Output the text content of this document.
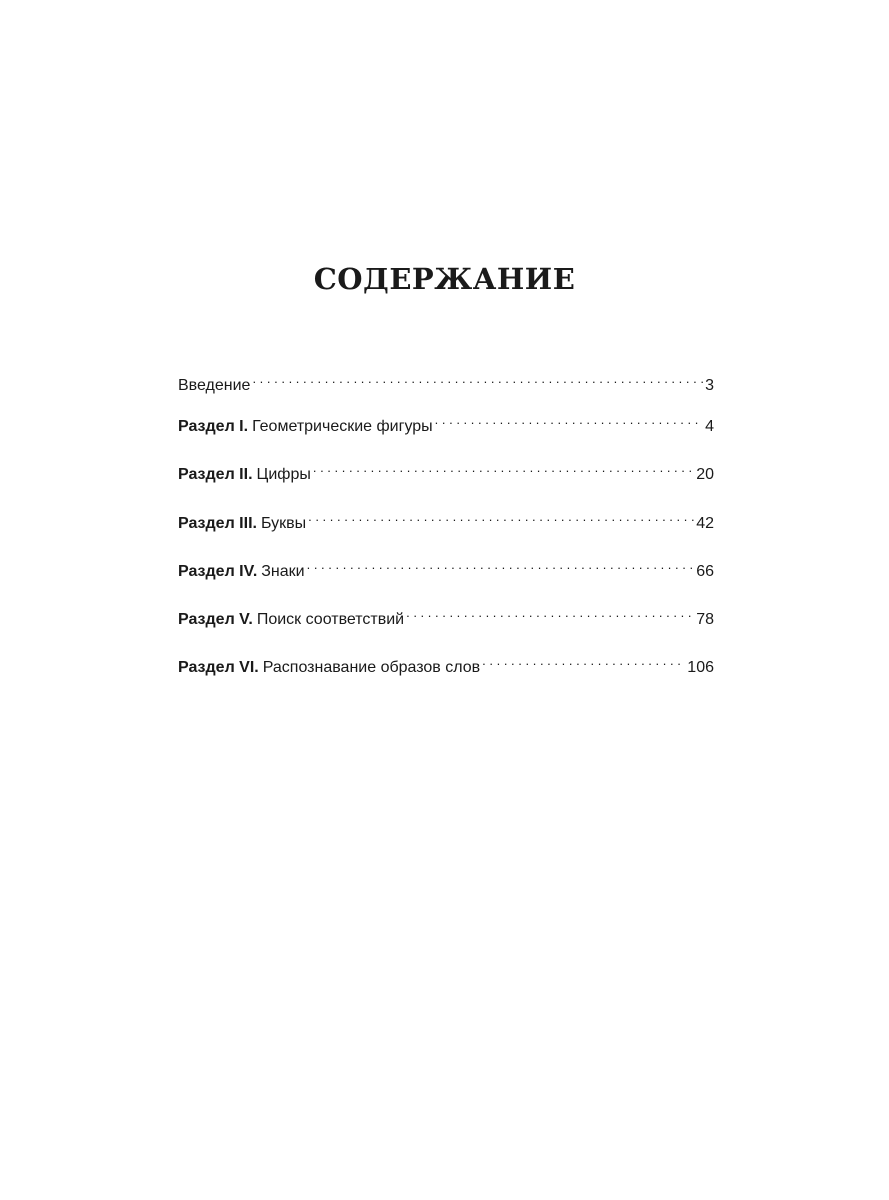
СОДЕРЖАНИЕ
Введение . . .	3
Раздел I. Геометрические фигуры . . .	4
Раздел II. Цифры . . .	20
Раздел III. Буквы . . .	42
Раздел IV. Знаки . . .	66
Раздел V. Поиск соответствий . . .	78
Раздел VI. Распознавание образов слов . . .	106
